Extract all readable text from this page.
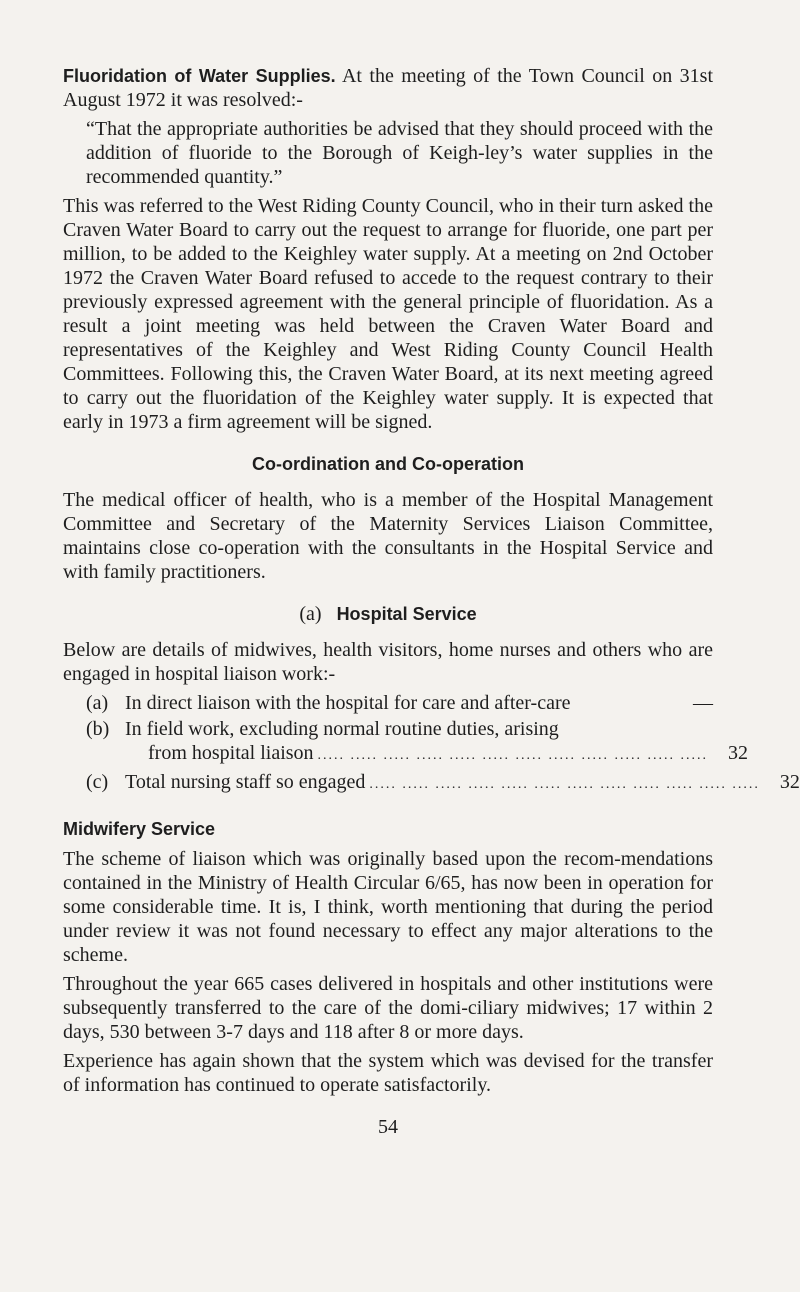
Fluoridation of Water Supplies. At the meeting of the Town Council on 31st August 1972 it was resolved:-

“That the appropriate authorities be advised that they should proceed with the addition of fluoride to the Borough of Keigh-ley’s water supplies in the recommended quantity.”

This was referred to the West Riding County Council, who in their turn asked the Craven Water Board to carry out the request to arrange for fluoride, one part per million, to be added to the Keighley water supply. At a meeting on 2nd October 1972 the Craven Water Board refused to accede to the request contrary to their previously expressed agreement with the general principle of fluoridation. As a result a joint meeting was held between the Craven Water Board and representatives of the Keighley and West Riding County Council Health Committees. Following this, the Craven Water Board, at its next meeting agreed to carry out the fluoridation of the Keighley water supply. It is expected that early in 1973 a firm agreement will be signed.

Co-ordination and Co-operation

The medical officer of health, who is a member of the Hospital Management Committee and Secretary of the Maternity Services Liaison Committee, maintains close co-operation with the consultants in the Hospital Service and with family practitioners.

(a) Hospital Service

Below are details of midwives, health visitors, home nurses and others who are engaged in hospital liaison work:-

(a) In direct liaison with the hospital for care and after-care	—
(b) In field work, excluding normal routine duties, arising
from hospital liaison ..... ..... ..... ..... ..... ..... ..... ..... ..... ..... ..... .....	32
(c) Total nursing staff so engaged ..... ..... ..... ..... ..... ..... ..... ..... ..... ..... ..... .....	32
Midwifery Service

The scheme of liaison which was originally based upon the recom-mendations contained in the Ministry of Health Circular 6/65, has now been in operation for some considerable time. It is, I think, worth mentioning that during the period under review it was not found necessary to effect any major alterations to the scheme.

Throughout the year 665 cases delivered in hospitals and other institutions were subsequently transferred to the care of the domi-ciliary midwives; 17 within 2 days, 530 between 3-7 days and 118 after 8 or more days.

Experience has again shown that the system which was devised for the transfer of information has continued to operate satisfactorily.

54
